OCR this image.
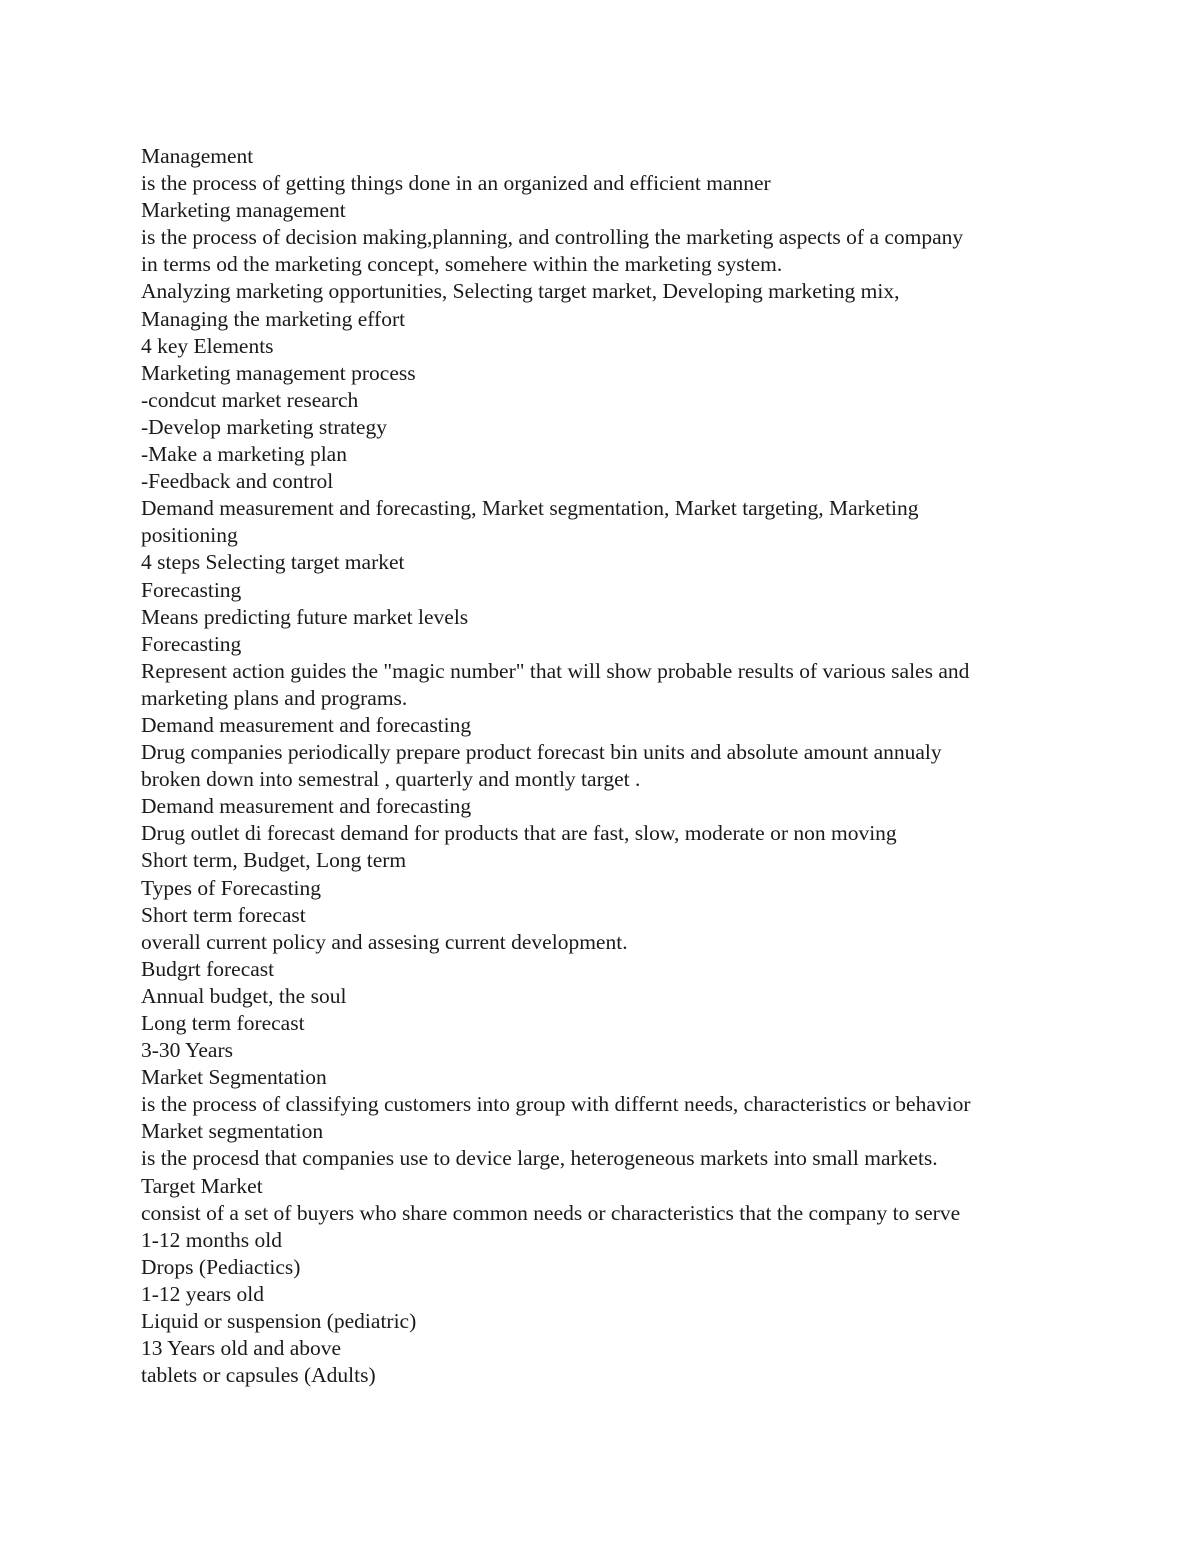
Management

is the process of getting things done in an organized and efficient manner

Marketing management

is the process of decision making,planning, and controlling the marketing aspects of a company

in terms od the marketing concept, somehere within the marketing system.

Analyzing marketing opportunities, Selecting target market, Developing marketing mix,

Managing the marketing effort

4 key Elements

Marketing management process

-condcut market research

-Develop marketing strategy

-Make a marketing plan

-Feedback and control

Demand measurement and forecasting, Market segmentation, Market targeting, Marketing

positioning

4 steps Selecting target market

Forecasting

Means predicting future market levels

Forecasting

Represent action guides the "magic number" that will show probable results of various sales and

marketing plans and programs.

Demand measurement and forecasting

Drug companies periodically prepare product forecast bin units and absolute amount annualy

broken down into semestral , quarterly and montly target .

Demand measurement and forecasting

Drug outlet di forecast demand for products that are fast, slow, moderate or non moving

Short term, Budget, Long term

Types of Forecasting

Short term forecast

overall current policy and assesing current development.

Budgrt forecast

Annual budget, the soul

Long term forecast

3-30 Years

Market Segmentation

is the process of classifying customers into group with differnt needs, characteristics or behavior

Market segmentation

is the procesd that companies use to device large, heterogeneous markets into small markets.

Target Market

consist of a set of buyers who share common needs or characteristics that the company to serve

1-12 months old

Drops (Pediactics)

1-12 years old

Liquid or suspension (pediatric)

13 Years old and above

tablets or capsules (Adults)
